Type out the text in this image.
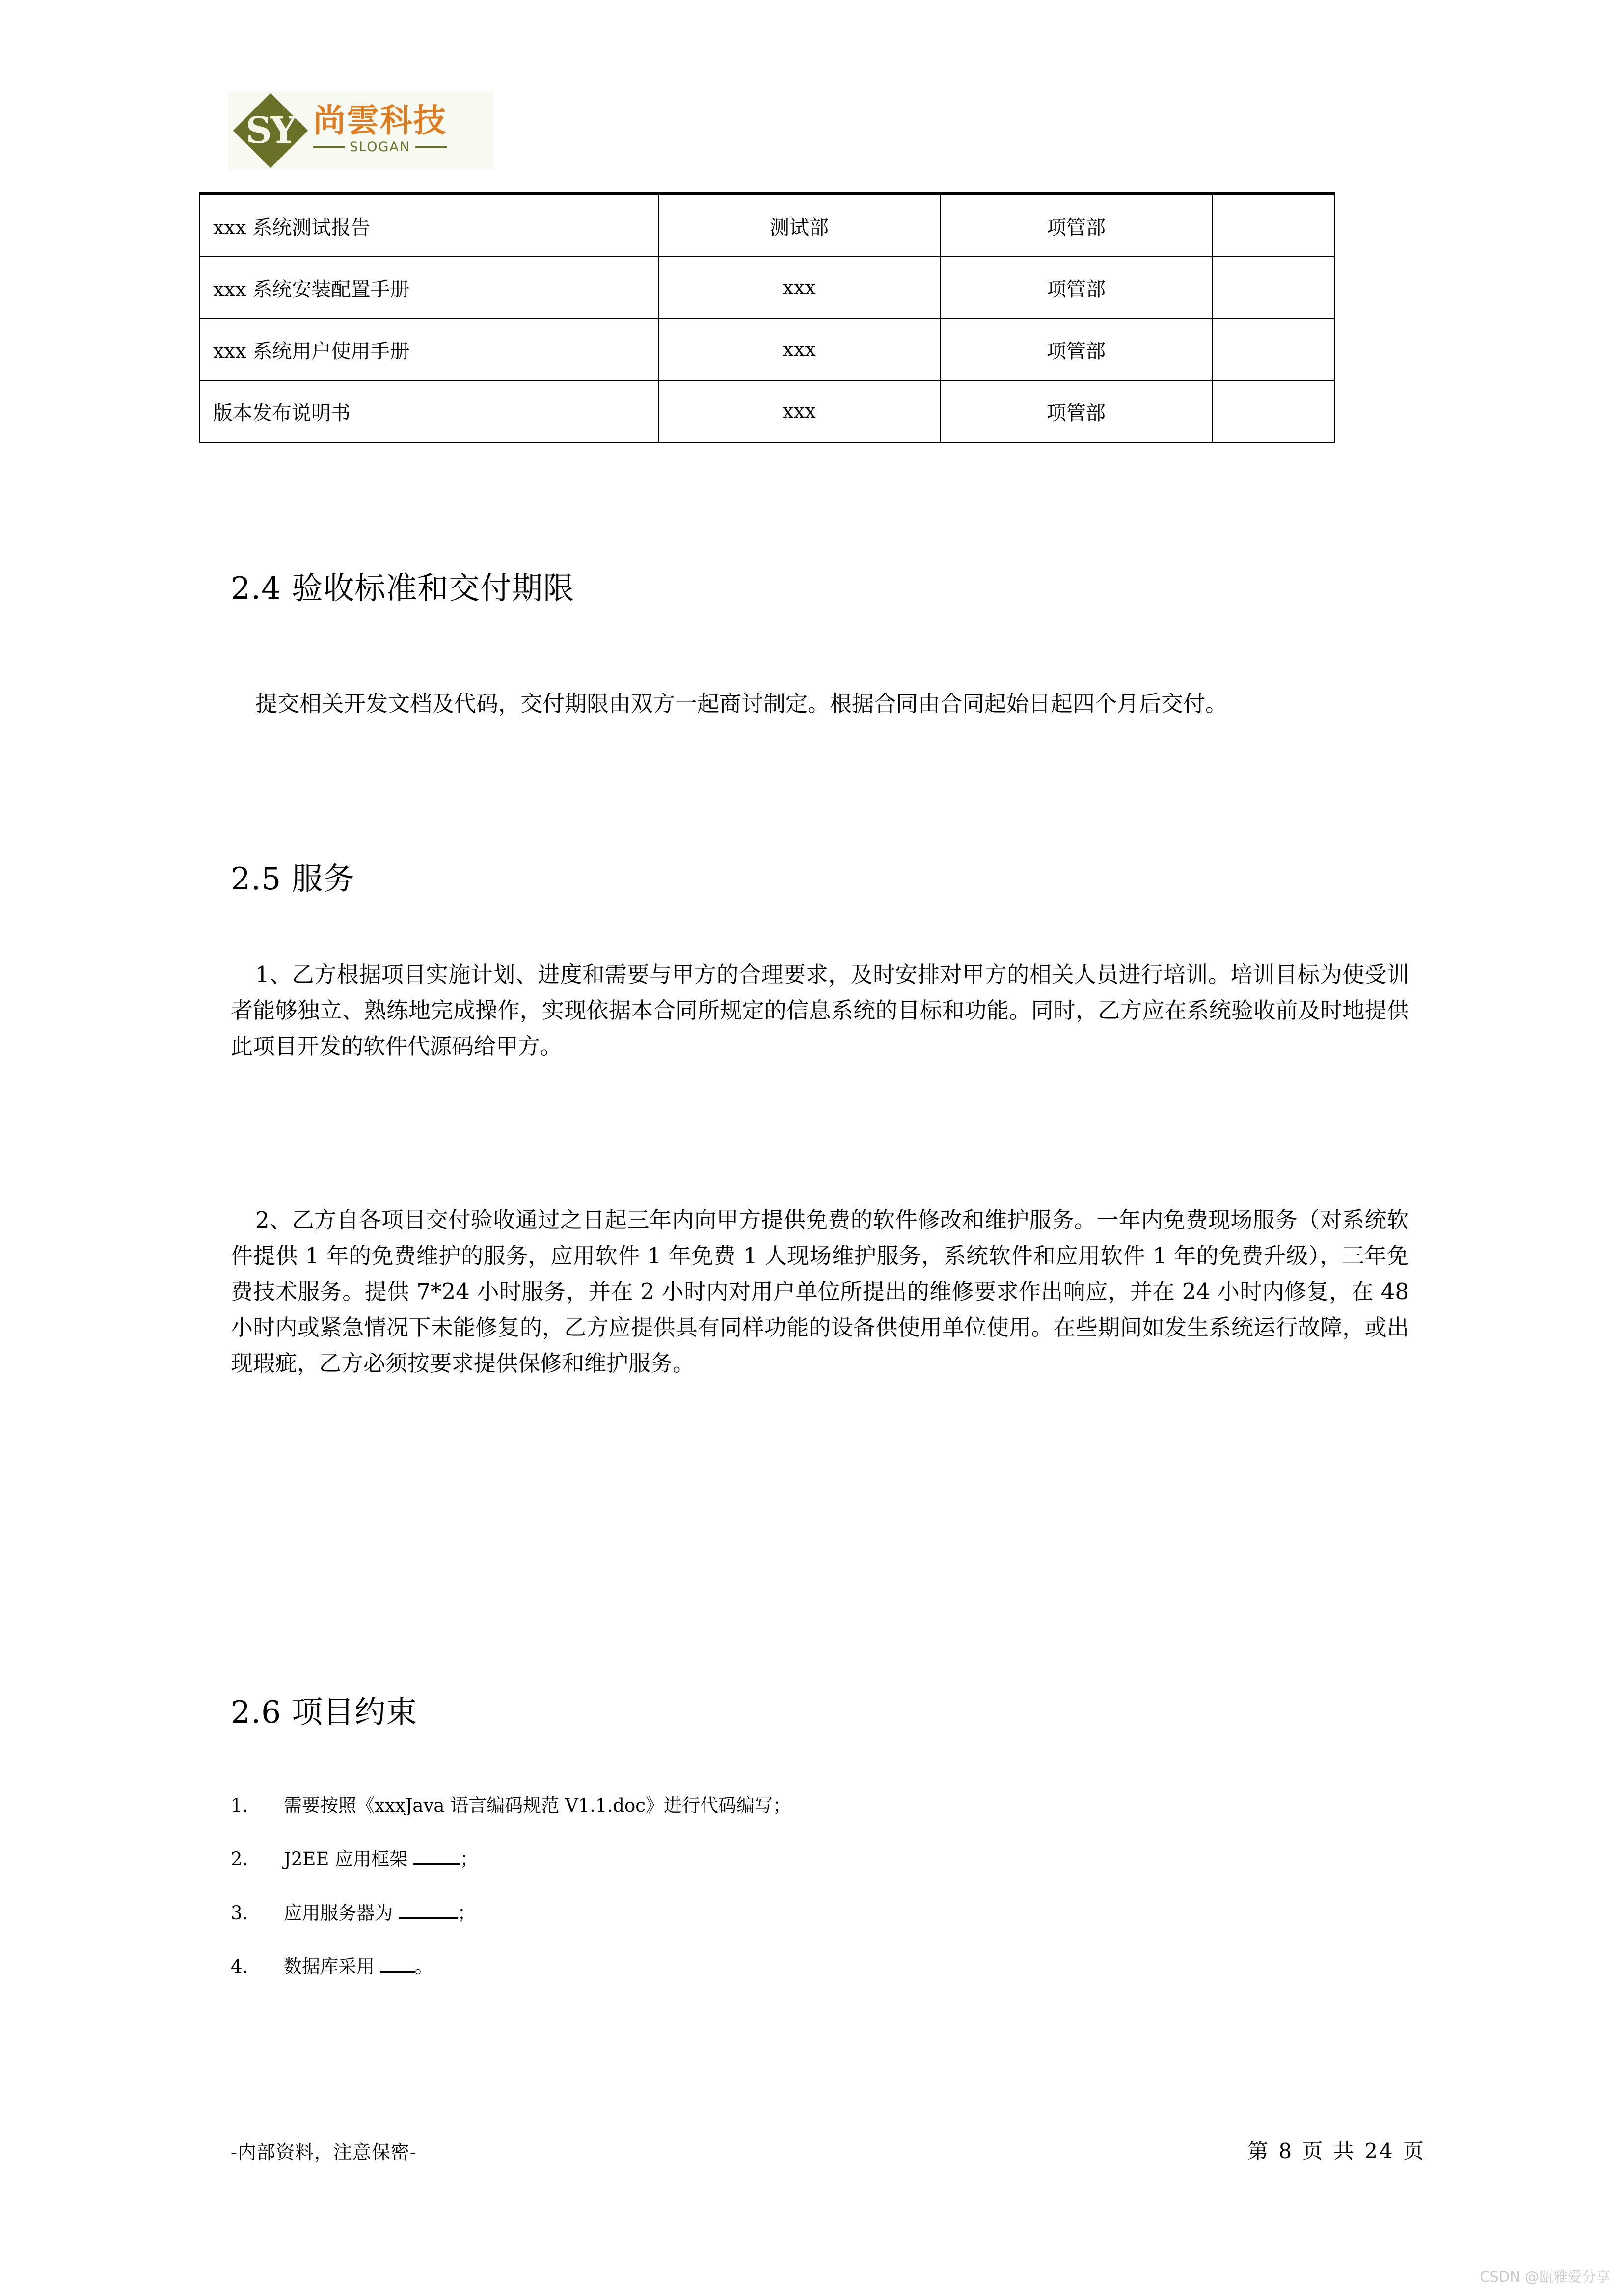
SY 尚雲科技
SLOGAN
xxx 系统测试报告	测试部	项管部	
xxx 系统安装配置手册	xxx	项管部	
xxx 系统用户使用手册	xxx	项管部	
版本发布说明书	xxx	项管部	
2.4 验收标准和交付期限
提交相关开发文档及代码，交付期限由双方一起商讨制定。根据合同由合同起始日起四个月后交付。
2.5 服务
1、乙方根据项目实施计划、进度和需要与甲方的合理要求，及时安排对甲方的相关人员进行培训。培训目标为使受训者能够独立、熟练地完成操作，实现依据本合同所规定的信息系统的目标和功能。同时，乙方应在系统验收前及时地提供此项目开发的软件代源码给甲方。
2、乙方自各项目交付验收通过之日起三年内向甲方提供免费的软件修改和维护服务。一年内免费现场服务（对系统软件提供 1 年的免费维护的服务，应用软件 1 年免费 1 人现场维护服务，系统软件和应用软件 1 年的免费升级），三年免费技术服务。提供 7*24 小时服务，并在 2 小时内对用户单位所提出的维修要求作出响应，并在 24 小时内修复，在 48 小时内或紧急情况下未能修复的，乙方应提供具有同样功能的设备供使用单位使用。在些期间如发生系统运行故障，或出现瑕疵，乙方必须按要求提供保修和维护服务。
2.6 项目约束
1.	需要按照《xxxJava 语言编码规范 V1.1.doc》进行代码编写；
2.	J2EE 应用框架	；
3.	应用服务器为	；
4.	数据库采用 。
-内部资料，注意保密-	第 8 页 共 24 页
CSDN @瓯雅爱分享
